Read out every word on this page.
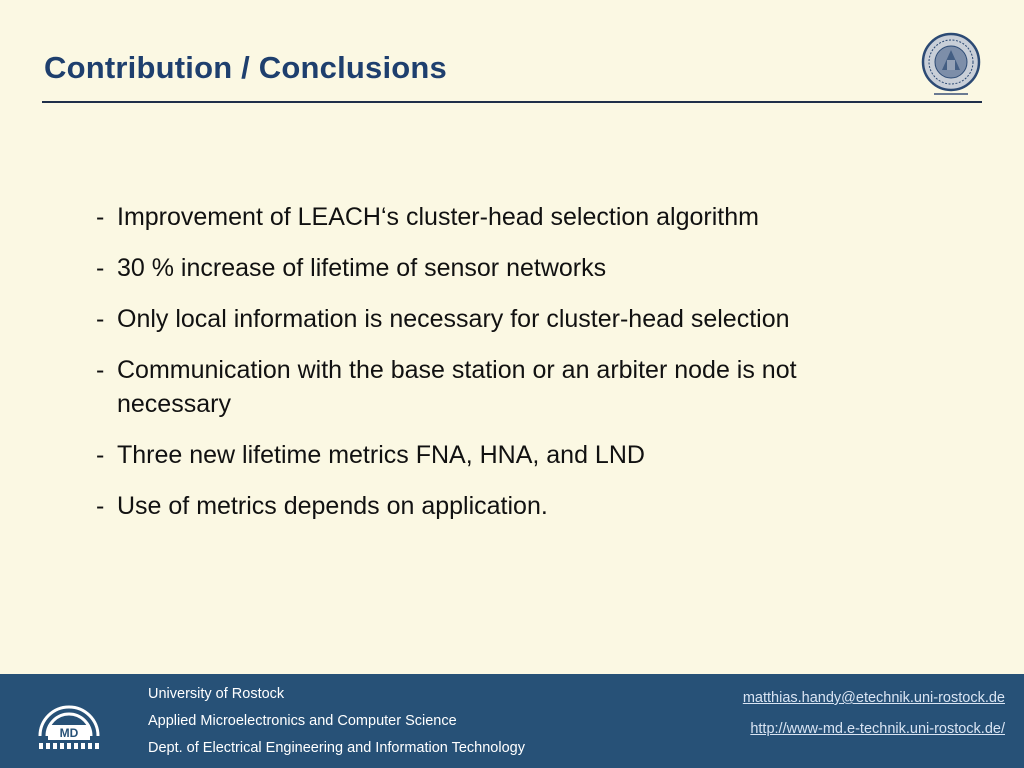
Contribution / Conclusions
- Improvement of LEACH‘s cluster-head selection algorithm
- 30 % increase of lifetime of sensor networks
- Only local information is necessary for cluster-head selection
- Communication with the base station or an arbiter node is not necessary
- Three new lifetime metrics FNA, HNA, and LND
- Use of metrics depends on application.
MD
University of Rostock
Applied Microelectronics and Computer Science
Dept. of Electrical Engineering and Information Technology
matthias.handy@etechnik.uni-rostock.de
http://www-md.e-technik.uni-rostock.de/
